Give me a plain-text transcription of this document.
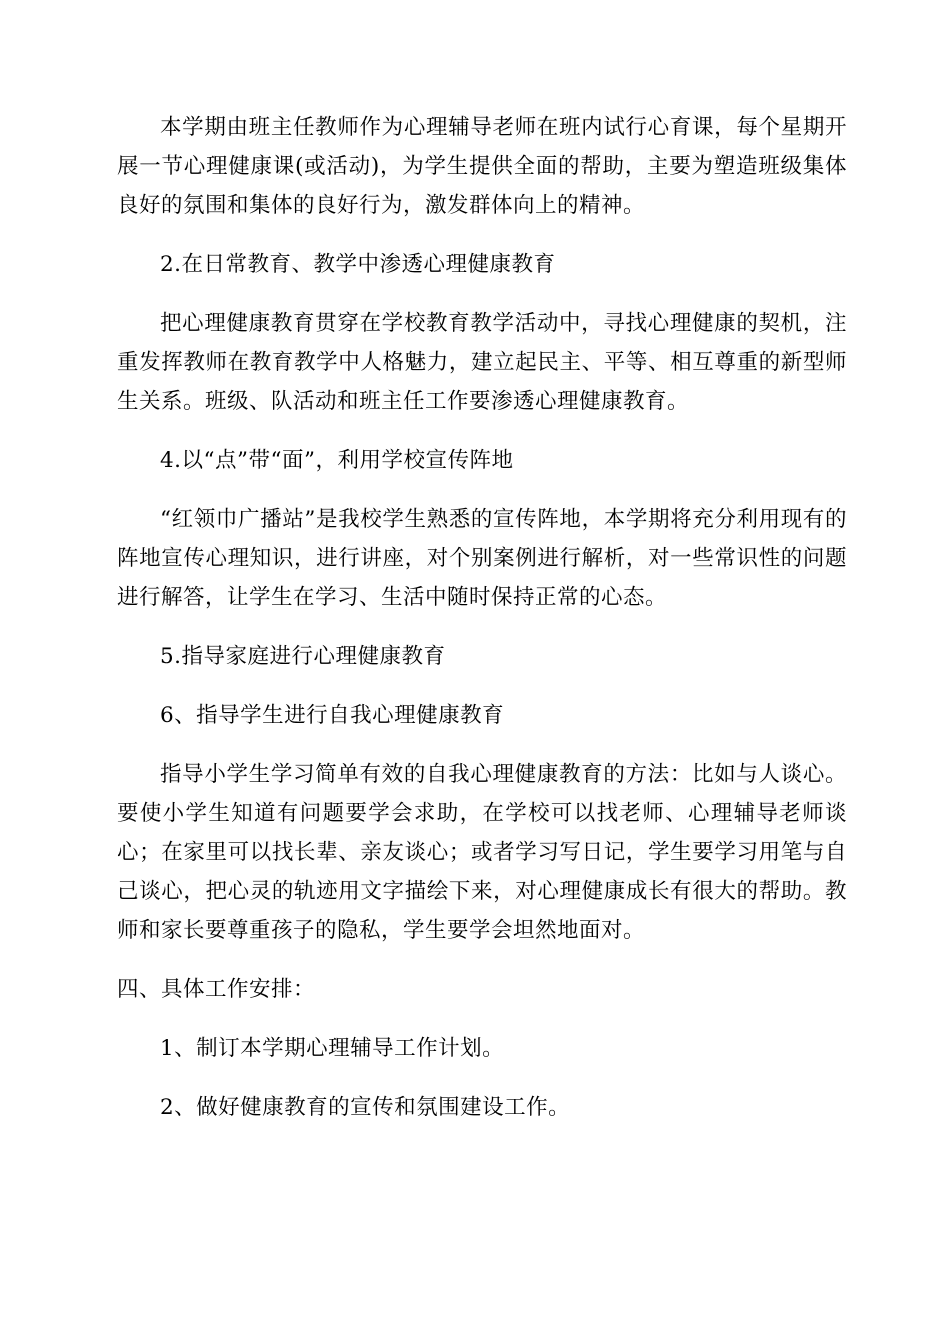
本学期由班主任教师作为心理辅导老师在班内试行心育课，每个星期开展一节心理健康课(或活动)，为学生提供全面的帮助，主要为塑造班级集体良好的氛围和集体的良好行为，激发群体向上的精神。

2.在日常教育、教学中渗透心理健康教育

把心理健康教育贯穿在学校教育教学活动中，寻找心理健康的契机，注重发挥教师在教育教学中人格魅力，建立起民主、平等、相互尊重的新型师生关系。班级、队活动和班主任工作要渗透心理健康教育。

4.以“点”带“面”，利用学校宣传阵地

“红领巾广播站”是我校学生熟悉的宣传阵地，本学期将充分利用现有的阵地宣传心理知识，进行讲座，对个别案例进行解析，对一些常识性的问题进行解答，让学生在学习、生活中随时保持正常的心态。

5.指导家庭进行心理健康教育

6、指导学生进行自我心理健康教育

指导小学生学习简单有效的自我心理健康教育的方法：比如与人谈心。要使小学生知道有问题要学会求助，在学校可以找老师、心理辅导老师谈心；在家里可以找长辈、亲友谈心；或者学习写日记，学生要学习用笔与自己谈心，把心灵的轨迹用文字描绘下来，对心理健康成长有很大的帮助。教师和家长要尊重孩子的隐私，学生要学会坦然地面对。

四、具体工作安排：

1、制订本学期心理辅导工作计划。

2、做好健康教育的宣传和氛围建设工作。
